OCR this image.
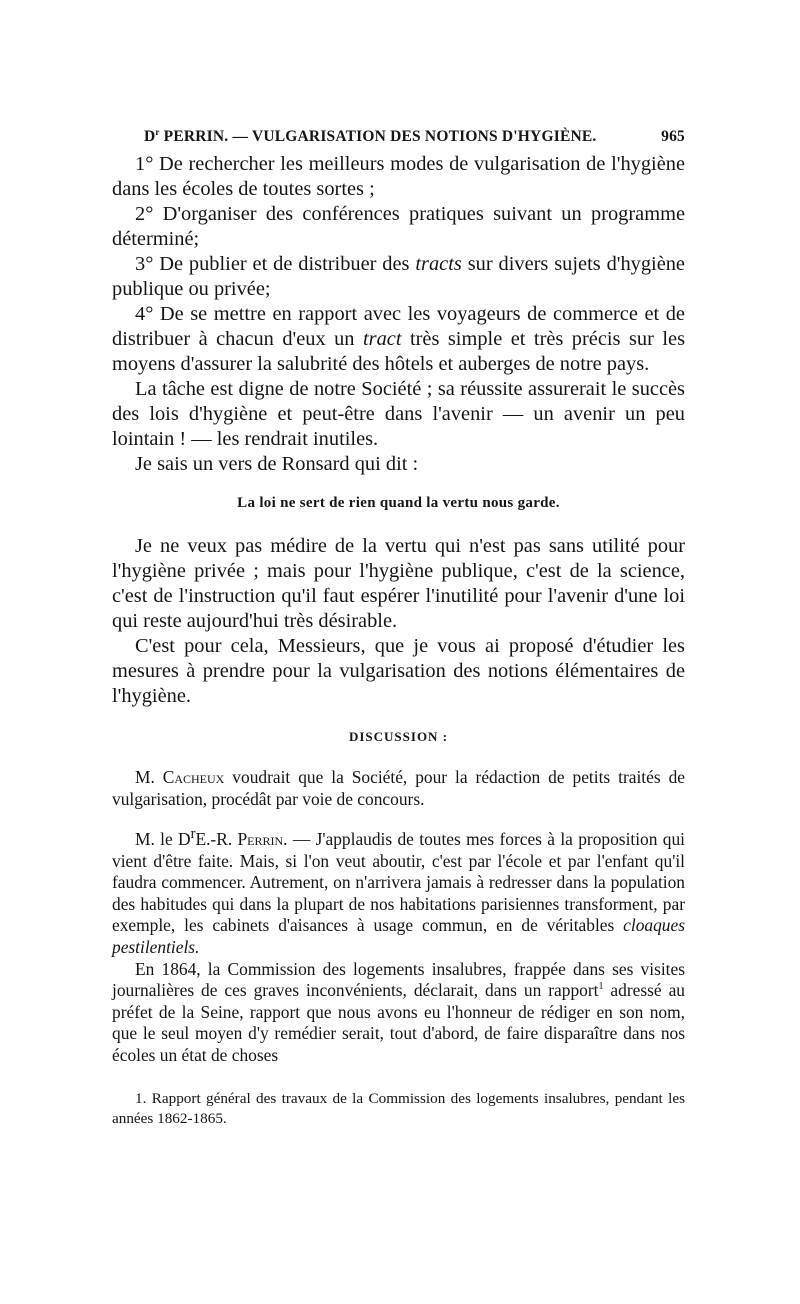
$D^r$ PERRIN. — VULGARISATION DES NOTIONS D'HYGIÈNE.	965

1° De rechercher les meilleurs modes de vulgarisation de l'hygiène dans les écoles de toutes sortes ;

2° D'organiser des conférences pratiques suivant un programme déterminé;

3° De publier et de distribuer des tracts sur divers sujets d'hygiène publique ou privée;

4° De se mettre en rapport avec les voyageurs de commerce et de distribuer à chacun d'eux un tract très simple et très précis sur les moyens d'assurer la salubrité des hôtels et auberges de notre pays.

La tâche est digne de notre Société ; sa réussite assurerait le succès des lois d'hygiène et peut-être dans l'avenir — un avenir un peu lointain ! — les rendrait inutiles.

Je sais un vers de Ronsard qui dit :

La loi ne sert de rien quand la vertu nous garde.

Je ne veux pas médire de la vertu qui n'est pas sans utilité pour l'hygiène privée ; mais pour l'hygiène publique, c'est de la science, c'est de l'instruction qu'il faut espérer l'inutilité pour l'avenir d'une loi qui reste aujourd'hui très désirable.

C'est pour cela, Messieurs, que je vous ai proposé d'étudier les mesures à prendre pour la vulgarisation des notions élémentaires de l'hygiène.

DISCUSSION :

M. Cacheux voudrait que la Société, pour la rédaction de petits traités de vulgarisation, procédât par voie de concours.

M. le $D^rE.-R$. Perrin. — J'applaudis de toutes mes forces à la proposition qui vient d'être faite. Mais, si l'on veut aboutir, c'est par l'école et par l'enfant qu'il faudra commencer. Autrement, on n'arrivera jamais à redresser dans la population des habitudes qui dans la plupart de nos habitations parisiennes transforment, par exemple, les cabinets d'aisances à usage commun, en de véritables cloaques pestilentiels.

En 1864, la Commission des logements insalubres, frappée dans ses visites journalières de ces graves inconvénients, déclarait, dans un rapport$^1$ adressé au préfet de la Seine, rapport que nous avons eu l'honneur de rédiger en son nom, que le seul moyen d'y remédier serait, tout d'abord, de faire disparaître dans nos écoles un état de choses

1. Rapport général des travaux de la Commission des logements insalubres, pendant les années 1862-1865.
